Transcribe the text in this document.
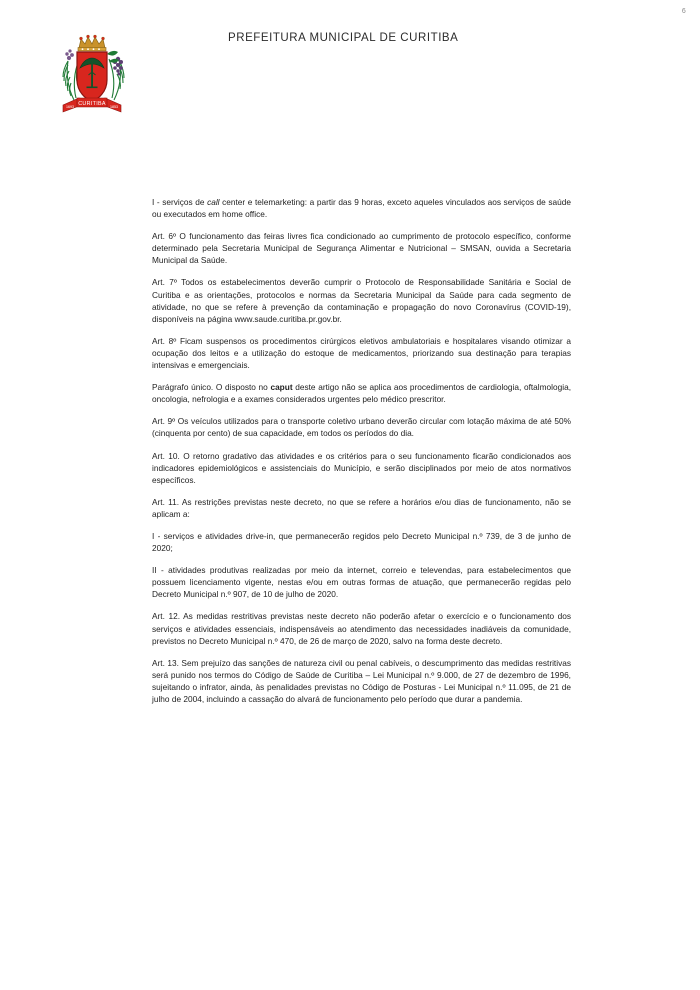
6
CURITIBA
1693	1853
PREFEITURA MUNICIPAL DE CURITIBA

I - serviços de call center e telemarketing: a partir das 9 horas, exceto aqueles vinculados aos serviços de saúde ou executados em home office.

Art. 6º O funcionamento das feiras livres fica condicionado ao cumprimento de protocolo específico, conforme determinado pela Secretaria Municipal de Segurança Alimentar e Nutricional – SMSAN, ouvida a Secretaria Municipal da Saúde.

Art. 7º Todos os estabelecimentos deverão cumprir o Protocolo de Responsabilidade Sanitária e Social de Curitiba e as orientações, protocolos e normas da Secretaria Municipal da Saúde para cada segmento de atividade, no que se refere à prevenção da contaminação e propagação do novo Coronavírus (COVID-19), disponíveis na página www.saude.curitiba.pr.gov.br.

Art. 8º Ficam suspensos os procedimentos cirúrgicos eletivos ambulatoriais e hospitalares visando otimizar a ocupação dos leitos e a utilização do estoque de medicamentos, priorizando sua destinação para terapias intensivas e emergenciais.

Parágrafo único. O disposto no caput deste artigo não se aplica aos procedimentos de cardiologia, oftalmologia, oncologia, nefrologia e a exames considerados urgentes pelo médico prescritor.

Art. 9º Os veículos utilizados para o transporte coletivo urbano deverão circular com lotação máxima de até 50% (cinquenta por cento) de sua capacidade, em todos os períodos do dia.

Art. 10. O retorno gradativo das atividades e os critérios para o seu funcionamento ficarão condicionados aos indicadores epidemiológicos e assistenciais do Município, e serão disciplinados por meio de atos normativos específicos.

Art. 11. As restrições previstas neste decreto, no que se refere a horários e/ou dias de funcionamento, não se aplicam a:

I - serviços e atividades drive-in, que permanecerão regidos pelo Decreto Municipal n.º 739, de 3 de junho de 2020;

II - atividades produtivas realizadas por meio da internet, correio e televendas, para estabelecimentos que possuem licenciamento vigente, nestas e/ou em outras formas de atuação, que permanecerão regidas pelo Decreto Municipal n.º 907, de 10 de julho de 2020.

Art. 12. As medidas restritivas previstas neste decreto não poderão afetar o exercício e o funcionamento dos serviços e atividades essenciais, indispensáveis ao atendimento das necessidades inadiáveis da comunidade, previstos no Decreto Municipal n.º 470, de 26 de março de 2020, salvo na forma deste decreto.

Art. 13. Sem prejuízo das sanções de natureza civil ou penal cabíveis, o descumprimento das medidas restritivas será punido nos termos do Código de Saúde de Curitiba – Lei Municipal n.º 9.000, de 27 de dezembro de 1996, sujeitando o infrator, ainda, às penalidades previstas no Código de Posturas - Lei Municipal n.º 11.095, de 21 de julho de 2004, incluindo a cassação do alvará de funcionamento pelo período que durar a pandemia.
